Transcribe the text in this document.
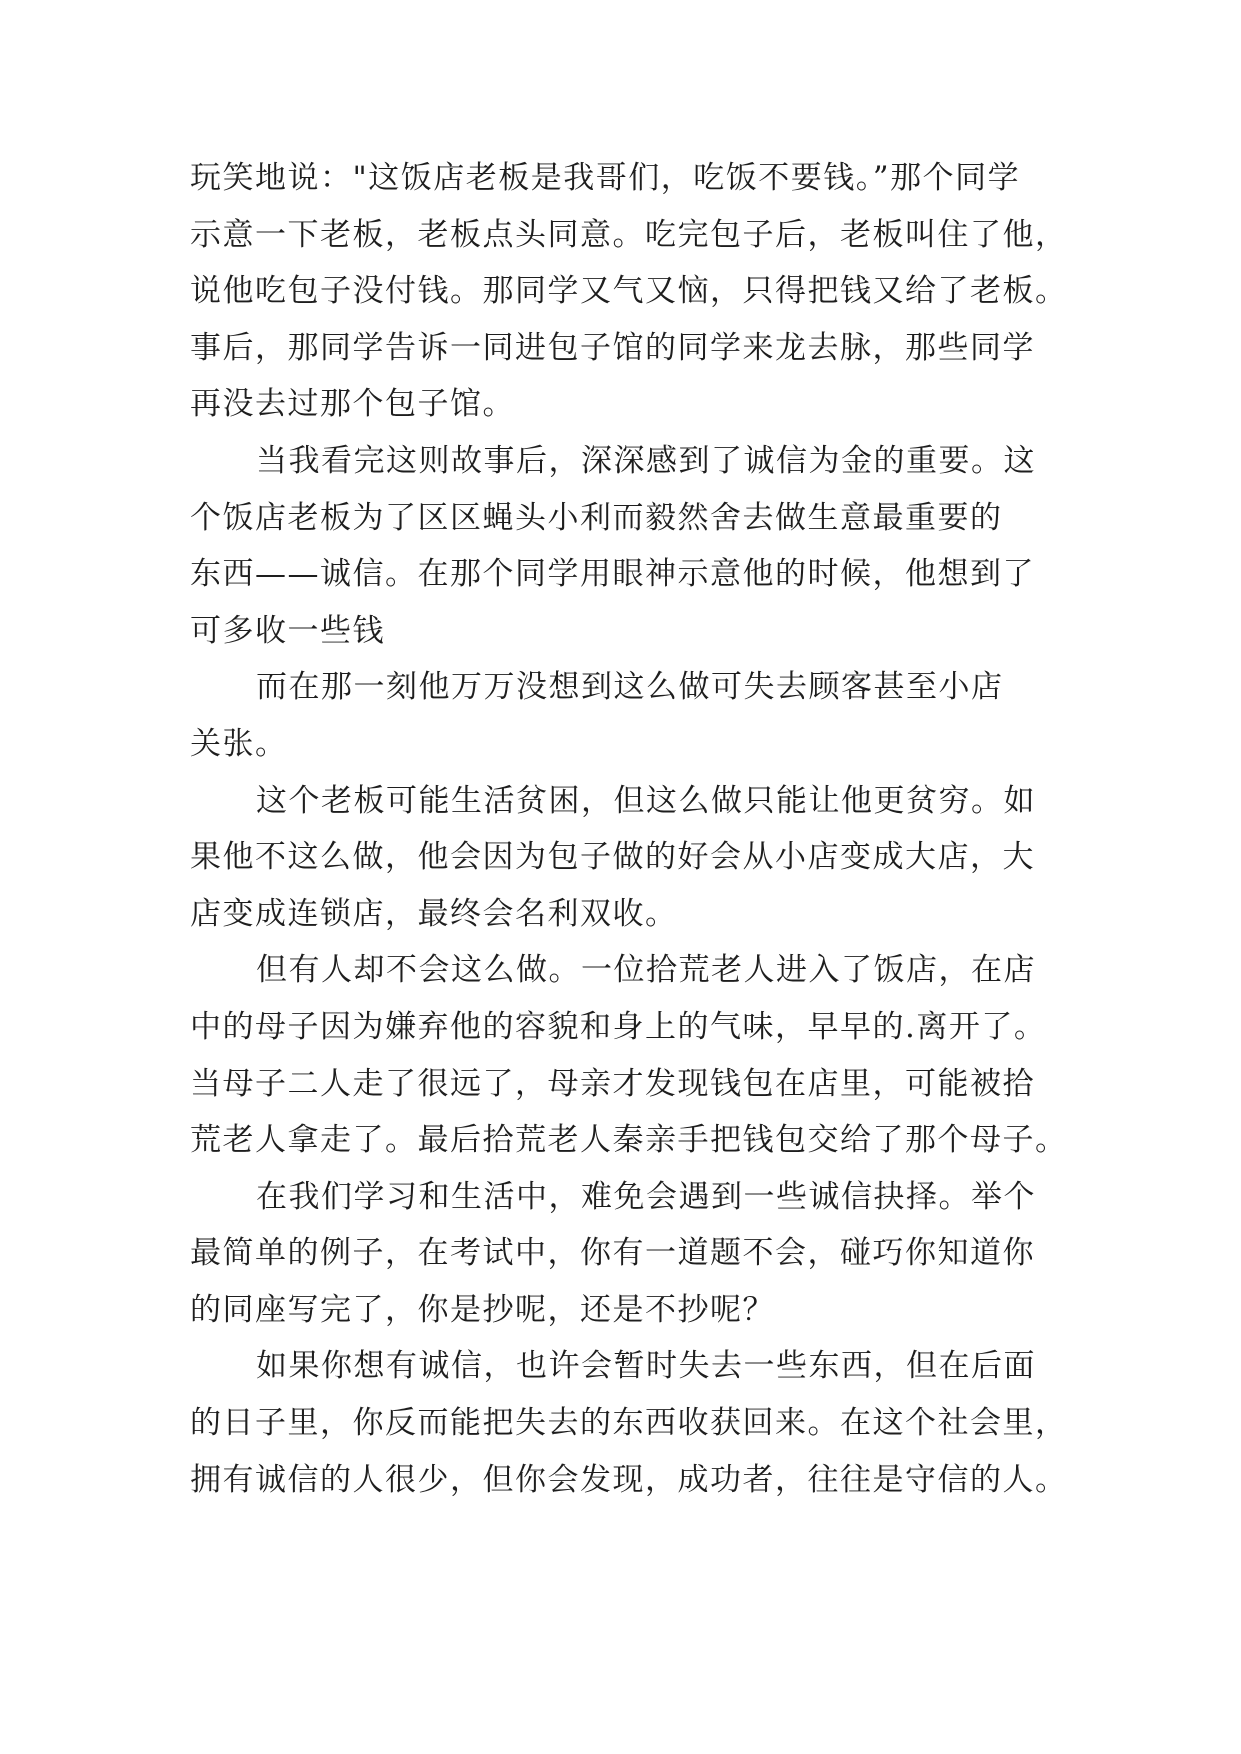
玩笑地说："这饭店老板是我哥们，吃饭不要钱。”那个同学
示意一下老板，老板点头同意。吃完包子后，老板叫住了他，
说他吃包子没付钱。那同学又气又恼，只得把钱又给了老板。
事后，那同学告诉一同进包子馆的同学来龙去脉，那些同学
再没去过那个包子馆。
当我看完这则故事后，深深感到了诚信为金的重要。这
个饭店老板为了区区蝇头小利而毅然舍去做生意最重要的
东西——诚信。在那个同学用眼神示意他的时候，他想到了
可多收一些钱
而在那一刻他万万没想到这么做可失去顾客甚至小店
关张。
这个老板可能生活贫困，但这么做只能让他更贫穷。如
果他不这么做，他会因为包子做的好会从小店变成大店，大
店变成连锁店，最终会名利双收。
但有人却不会这么做。一位拾荒老人进入了饭店，在店
中的母子因为嫌弃他的容貌和身上的气味，早早的.离开了。
当母子二人走了很远了，母亲才发现钱包在店里，可能被拾
荒老人拿走了。最后拾荒老人秦亲手把钱包交给了那个母子。
在我们学习和生活中，难免会遇到一些诚信抉择。举个
最简单的例子，在考试中，你有一道题不会，碰巧你知道你
的同座写完了，你是抄呢，还是不抄呢？
如果你想有诚信，也许会暂时失去一些东西，但在后面
的日子里，你反而能把失去的东西收获回来。在这个社会里，
拥有诚信的人很少，但你会发现，成功者，往往是守信的人。
